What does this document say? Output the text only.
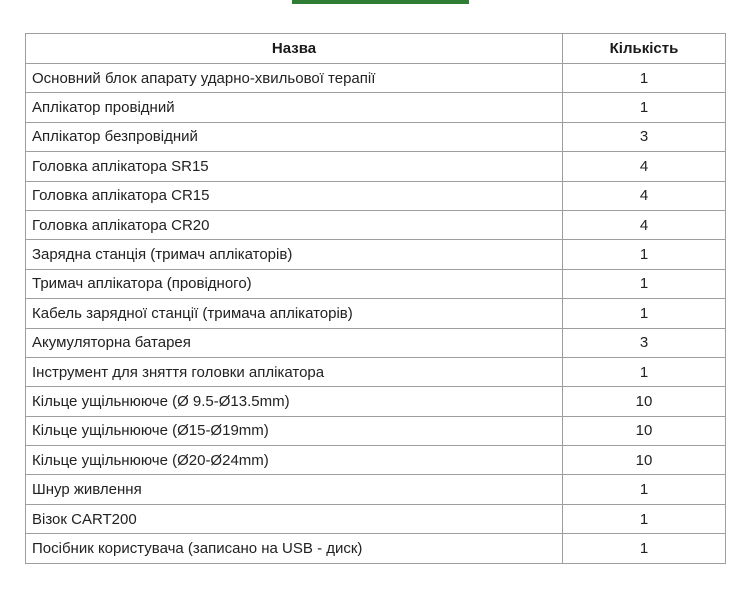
Назва	Кількість
Основний блок апарату ударно-хвильової терапії	1
Аплікатор провідний	1
Аплікатор безпровідний	3
Головка аплікатора SR15	4
Головка аплікатора CR15	4
Головка аплікатора CR20	4
Зарядна станція (тримач аплікаторів)	1
Тримач аплікатора (провідного)	1
Кабель зарядної станції (тримача аплікаторів)	1
Акумуляторна батарея	3
Інструмент для зняття головки аплікатора	1
Кільце ущільнююче (Ø 9.5-Ø13.5mm)	10
Кільце ущільнююче (Ø15-Ø19mm)	10
Кільце ущільнююче (Ø20-Ø24mm)	10
Шнур живлення	1
Візок CART200	1
Посібник користувача (записано на USB - диск)	1
